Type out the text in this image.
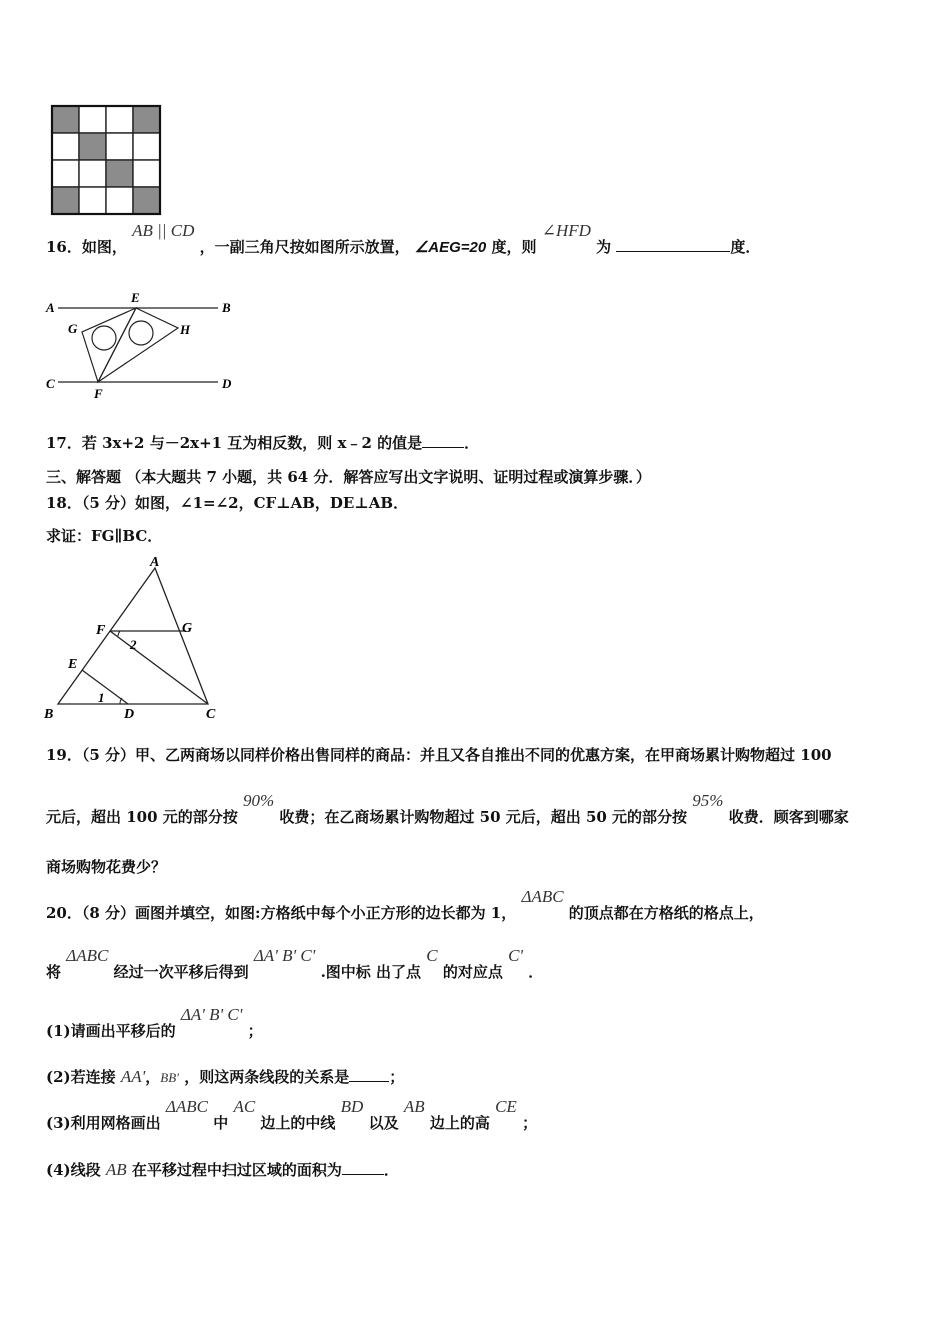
16．如图， AB || CD ，一副三角尺按如图所示放置， ∠AEG=20 度，则 ∠HFD 为	度．
A	B
C	D
E
F
G	H
17．若 3x+2 与－2x+1 互为相反数，则 x﹣2 的值是	．
三、解答题 （本大题共 7 小题，共 64 分．解答应写出文字说明、证明过程或演算步骤．）
18．（5 分）如图，∠1=∠2，CF⊥AB，DE⊥AB．
求证：FG∥BC．
A
B	C
D
E
F	G
2
1
19．（5 分）甲、乙两商场以同样价格出售同样的商品：并且又各自推出不同的优惠方案，在甲商场累计购物超过 100
元后，超出 100 元的部分按 90% 收费；在乙商场累计购物超过 50 元后，超出 50 元的部分按 95% 收费．顾客到哪家
商场购物花费少？
20．（8 分）画图并填空，如图:方格纸中每个小正方形的边长都为 1， ΔABC 的顶点都在方格纸的格点上，
将 ΔABC 经过一次平移后得到 ΔA' B' C' .图中标 出了点 C 的对应点 C' ．
(1)请画出平移后的 ΔA' B' C' ；
(2)若连接 AA'，BB' ，则这两条线段的关系是	；
(3)利用网格画出 ΔABC 中 AC 边上的中线 BD 以及 AB 边上的高 CE ；
(4)线段 AB 在平移过程中扫过区域的面积为	．
